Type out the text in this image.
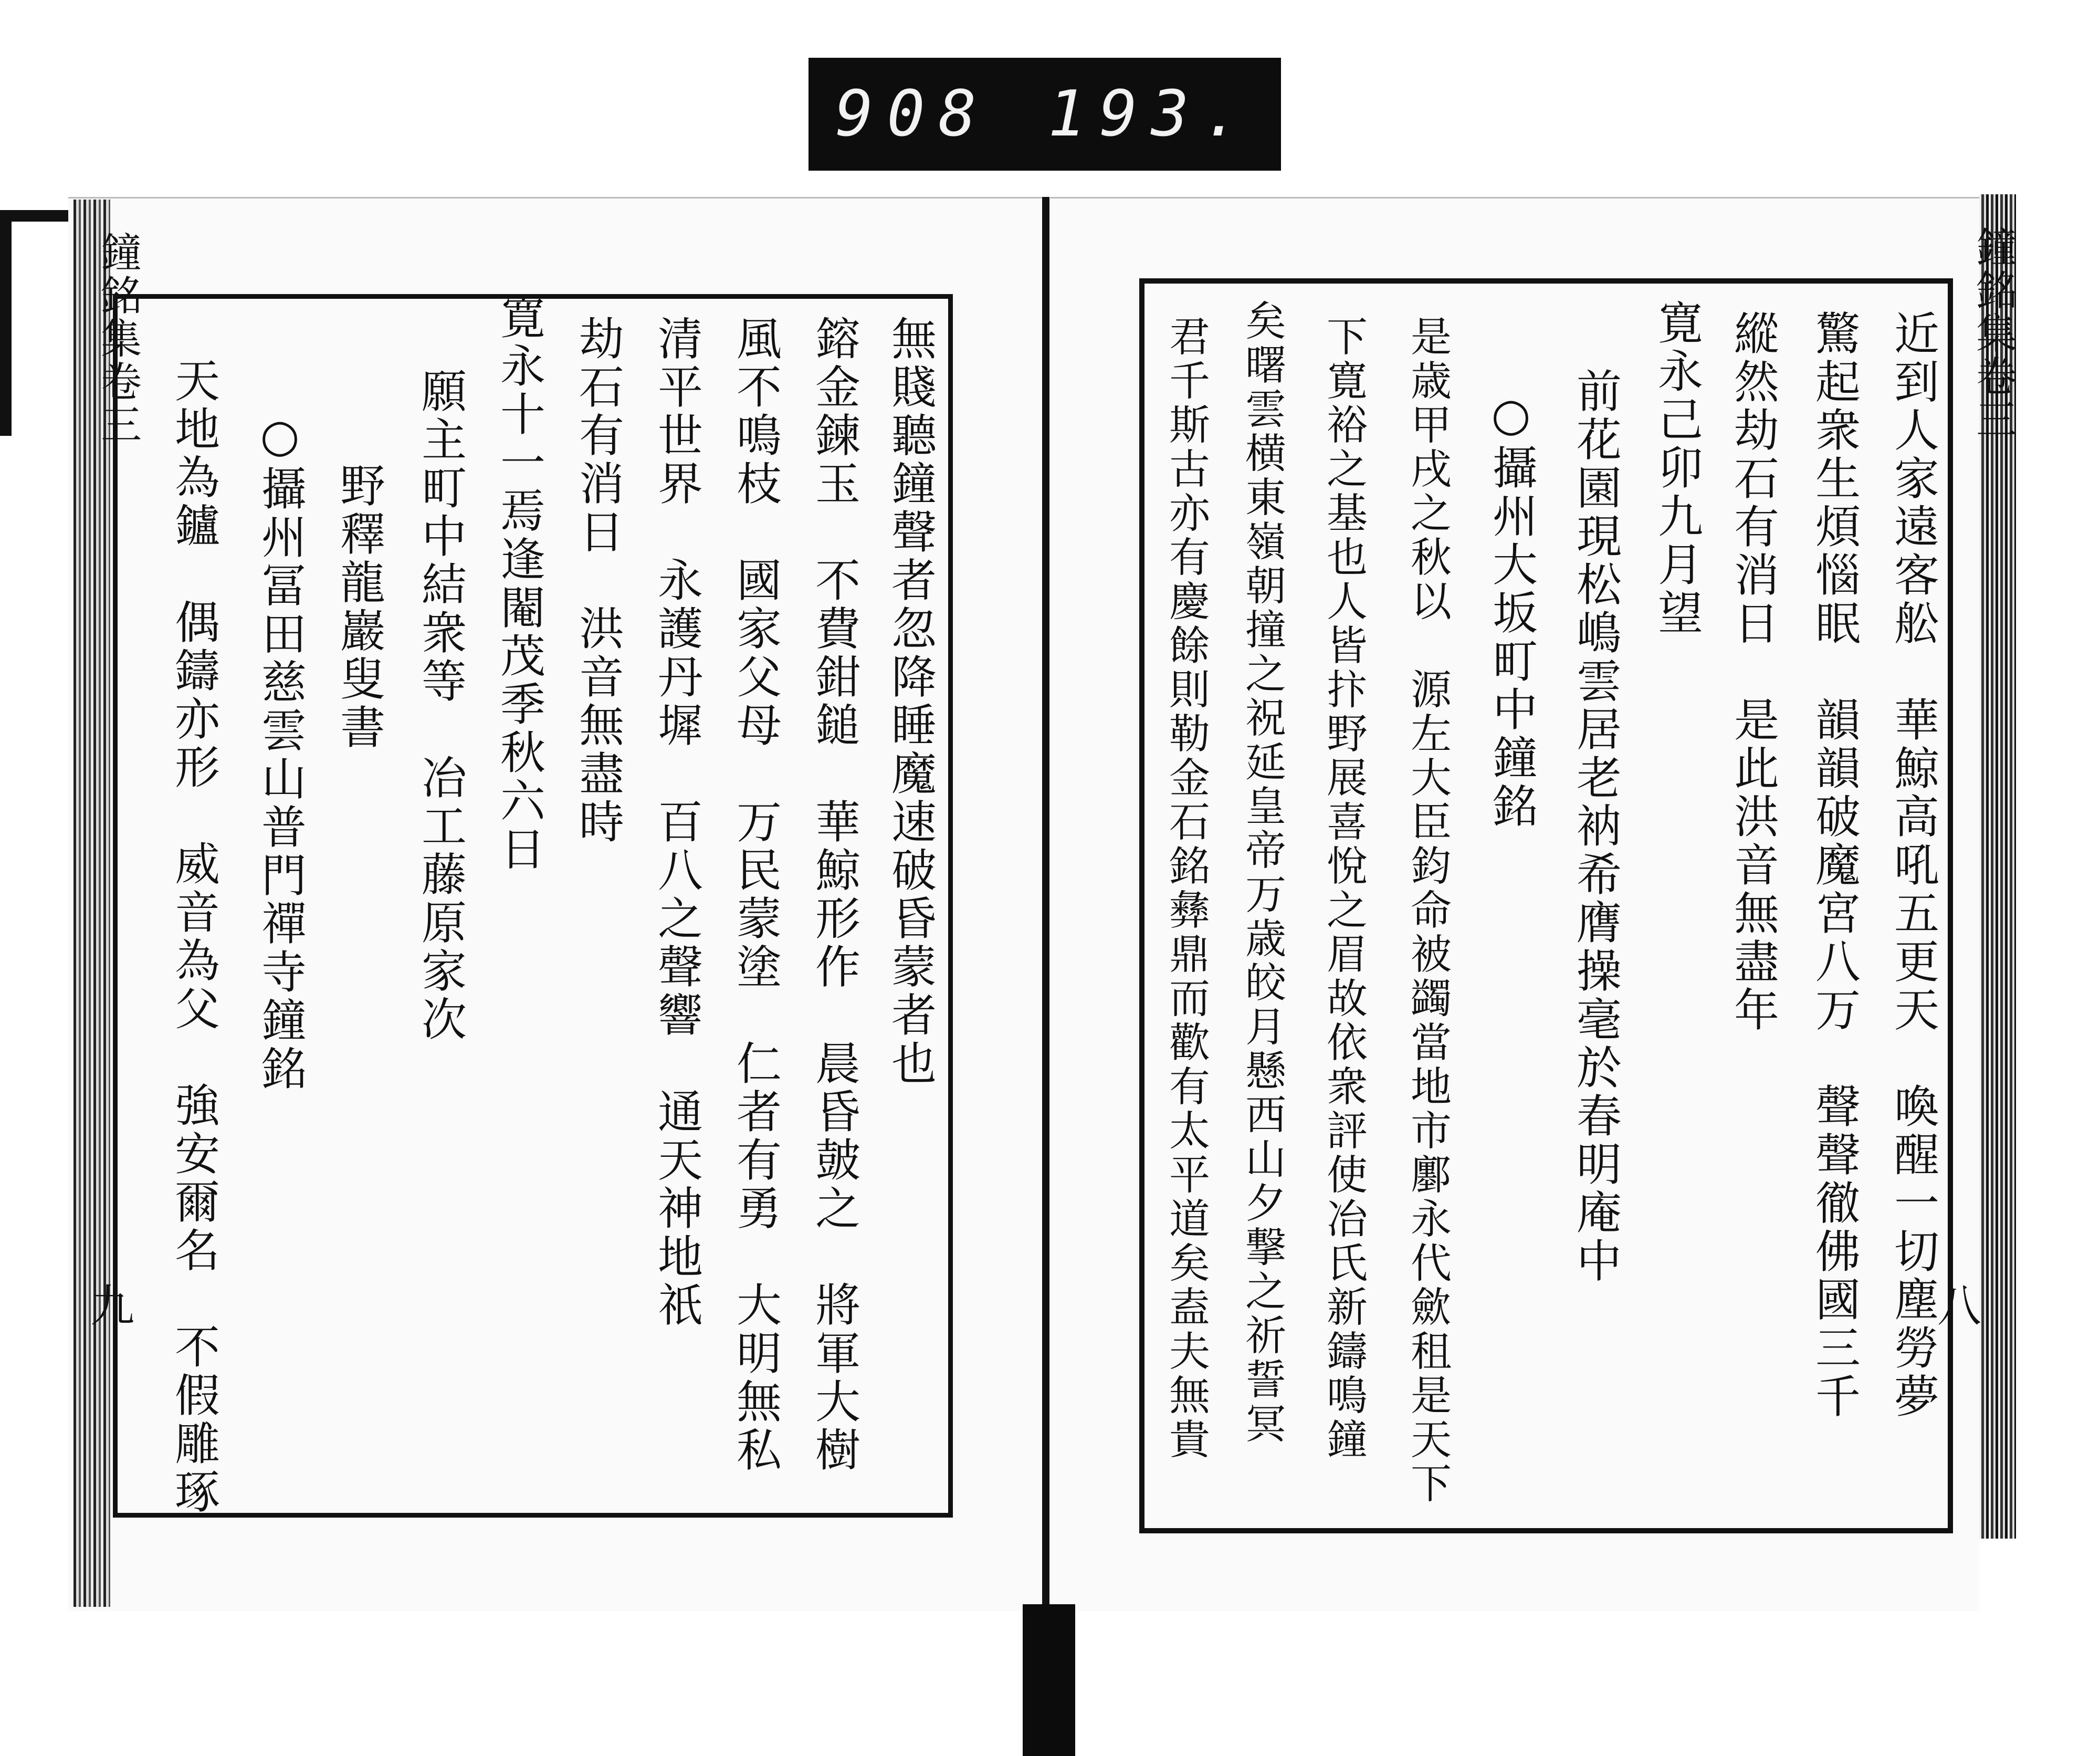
908 193.
鐘銘集卷三
九
無賤聽鐘聲者忽降睡魔速破昏蒙者也
鎔金鍊玉　不費鉗鎚　華鯨形作　晨昏皷之　將軍大樹
風不鳴枝　國家父母　万民蒙塗　仁者有勇　大明無私
清平世界　永護丹墀　百八之聲響　通天神地祇
劫石有消日　洪音無盡時
寛永十一焉逢閹茂季秋六日
願主町中結衆等　冶工藤原家次
野釋龍巖叟書
○攝州冨田慈雲山普門禪寺鐘銘
天地為鑪　偶鑄亦形　威音為父　強安爾名　不假雕琢
鐘銘集卷三
八
近到人家遠客舩　華鯨高吼五更天　喚醒一切塵勞夢
驚起衆生煩惱眠　韻韻破魔宮八万　聲聲徹佛國三千
縱然劫石有消日　是此洪音無盡年
寛永己卯九月望
前花園現松嶋雲居老衲希膺操毫於春明庵中
○攝州大坂町中鐘銘
是歳甲戌之秋以　源左大臣鈞命被蠲當地市鄽永代歛租是天下
下寛裕之基也人皆抃野展喜悅之眉故依衆評使冶氏新鑄鳴鐘
矣曙雲横東嶺朝撞之祝延皇帝万歳皎月懸西山夕撃之祈誓冥
君千斯古亦有慶餘則勒金石銘彝鼎而歡有太平道矣盍夫無貴
